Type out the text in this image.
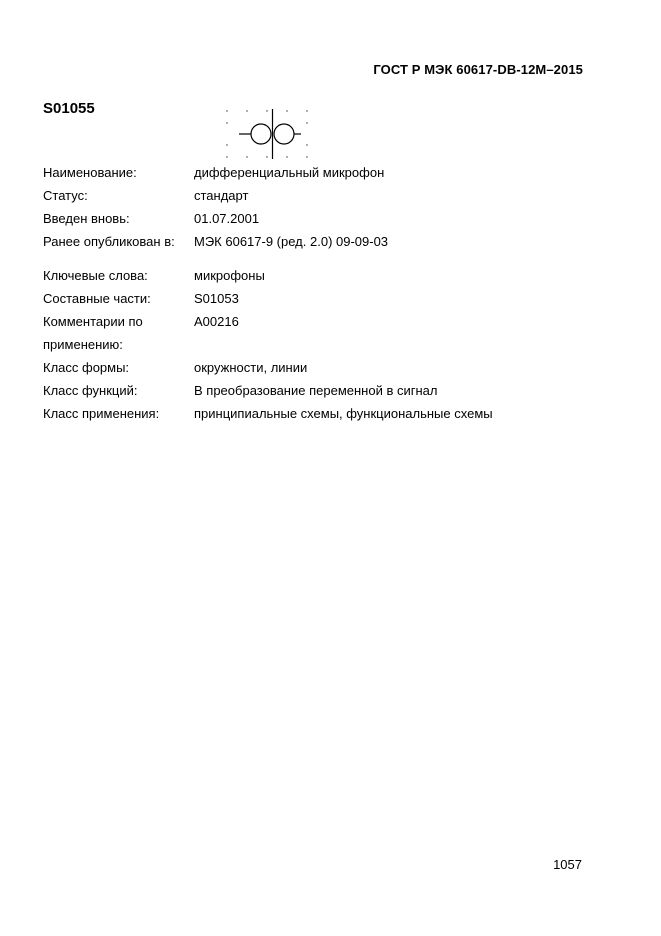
ГОСТ Р МЭК 60617-DB-12M–2015
S01055
Наименование:	дифференциальный микрофон
Статус:	стандарт
Введен вновь:	01.07.2001
Ранее опубликован в:	МЭК 60617-9 (ред. 2.0) 09-09-03
Ключевые слова:	микрофоны
Составные части:	S01053
Комментарии по	A00216
применению:
Класс формы:	окружности, линии
Класс функций:	В преобразование переменной в сигнал
Класс применения:	принципиальные схемы, функциональные схемы
1057
